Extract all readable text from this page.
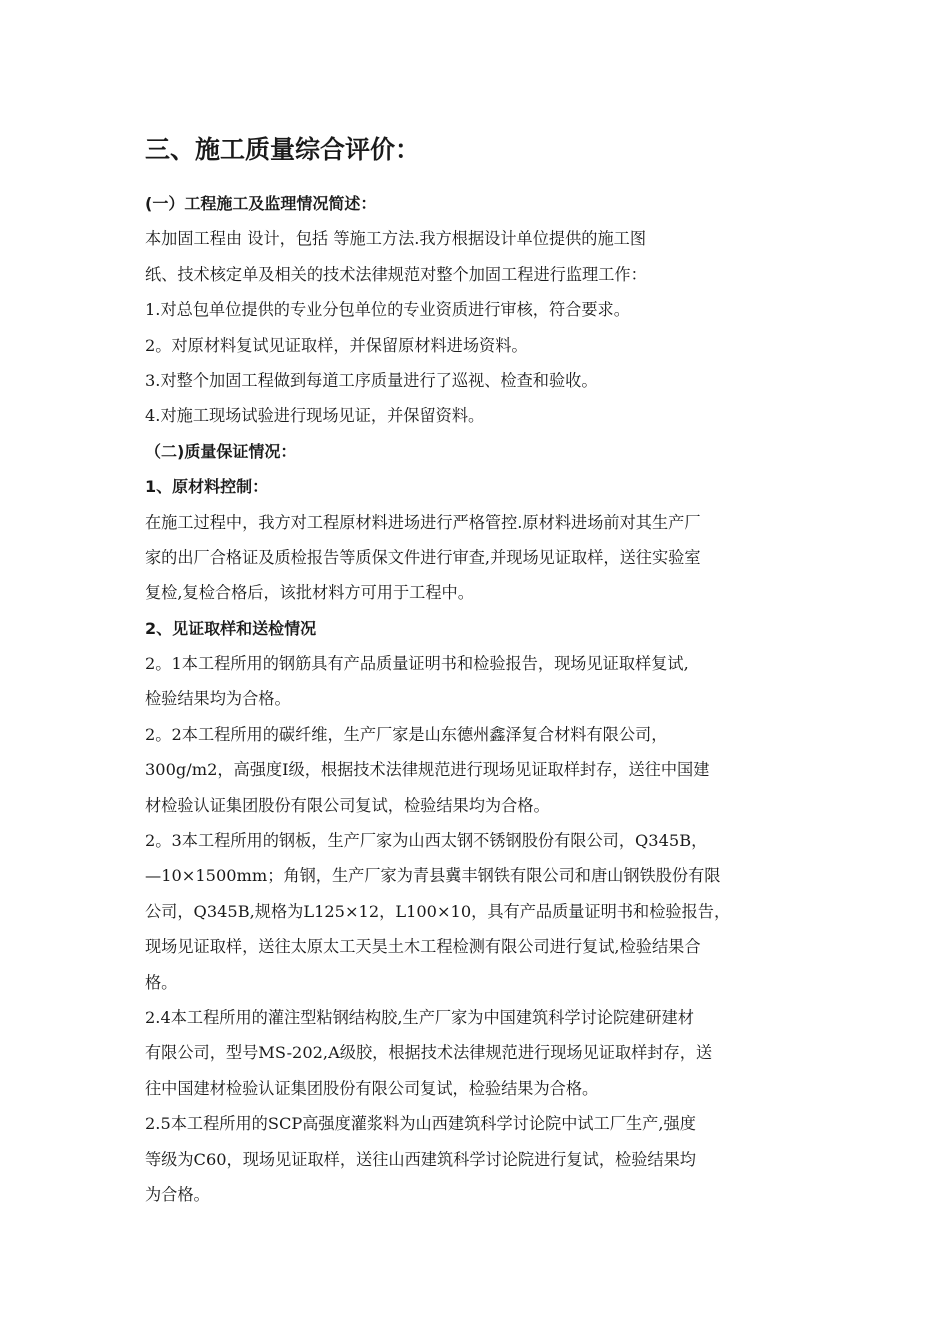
三、施工质量综合评价：
(一）工程施工及监理情况简述：
本加固工程由 设计，包括 等施工方法.我方根据设计单位提供的施工图
纸、技术核定单及相关的技术法律规范对整个加固工程进行监理工作：
1.对总包单位提供的专业分包单位的专业资质进行审核，符合要求。
2。对原材料复试见证取样，并保留原材料进场资料。
3.对整个加固工程做到每道工序质量进行了巡视、检查和验收。
4.对施工现场试验进行现场见证，并保留资料。
（二)质量保证情况：
1、原材料控制：
在施工过程中，我方对工程原材料进场进行严格管控.原材料进场前对其生产厂
家的出厂合格证及质检报告等质保文件进行审查,并现场见证取样，送往实验室
复检,复检合格后，该批材料方可用于工程中。
2、见证取样和送检情况
2。1本工程所用的钢筋具有产品质量证明书和检验报告，现场见证取样复试,
检验结果均为合格。
2。2本工程所用的碳纤维，生产厂家是山东德州鑫泽复合材料有限公司，
300g/m2，高强度Ⅰ级，根据技术法律规范进行现场见证取样封存，送往中国建
材检验认证集团股份有限公司复试，检验结果均为合格。
2。3本工程所用的钢板，生产厂家为山西太钢不锈钢股份有限公司，Q345B，
—10×1500mm；角钢，生产厂家为青县冀丰钢铁有限公司和唐山钢铁股份有限
公司，Q345B,规格为L125×12，L100×10，具有产品质量证明书和检验报告，
现场见证取样，送往太原太工天昊土木工程检测有限公司进行复试,检验结果合
格。
2.4本工程所用的灌注型粘钢结构胶,生产厂家为中国建筑科学讨论院建研建材
有限公司，型号MS-202,A级胶，根据技术法律规范进行现场见证取样封存，送
往中国建材检验认证集团股份有限公司复试，检验结果为合格。
2.5本工程所用的SCP高强度灌浆料为山西建筑科学讨论院中试工厂生产,强度
等级为C60，现场见证取样，送往山西建筑科学讨论院进行复试，检验结果均
为合格。
